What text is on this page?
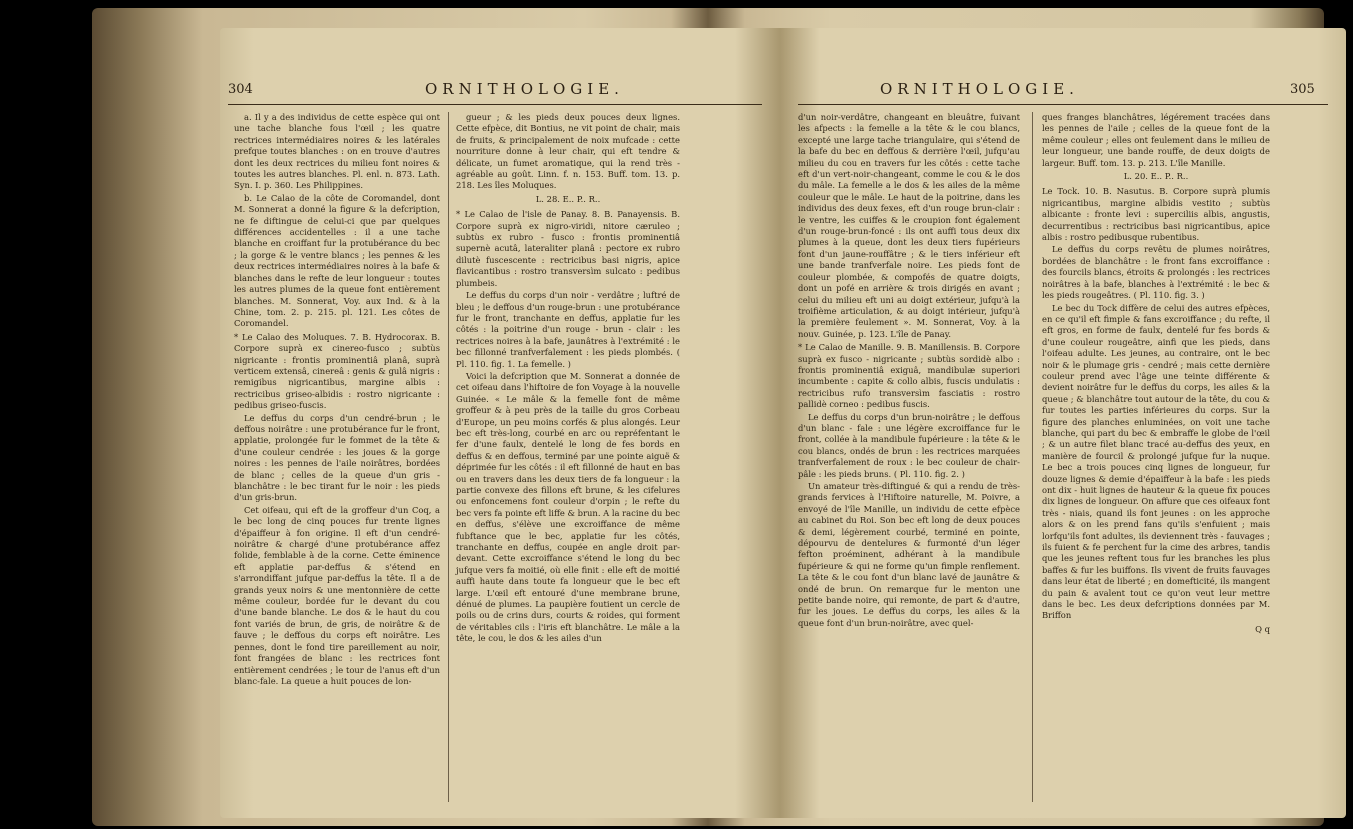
304	ORNITHOLOGIE.

a. Il y a des individus de cette espèce qui ont une tache blanche fous l'œil ; les quatre rectrices intermédiaires noires & les latérales prefque toutes blanches : on en trouve d'autres dont les deux rectrices du milieu font noires & toutes les autres blanches. Pl. enl. n. 873. Lath. Syn. I. p. 360. Les Philippines.

b. Le Calao de la côte de Coromandel, dont M. Sonnerat a donné la figure & la defcription, ne fe diftingue de celui-ci que par quelques différences accidentelles : il a une tache blanche en croiffant fur la protubérance du bec ; la gorge & le ventre blancs ; les pennes & les deux rectrices intermédiaires noires à la bafe & blanches dans le refte de leur longueur : toutes les autres plumes de la queue font entièrement blanches. M. Sonnerat, Voy. aux Ind. & à la Chine, tom. 2. p. 215. pl. 121. Les côtes de Coromandel.

* Le Calao des Moluques. 7. B. Hydrocorax. B. Corpore suprà ex cinereo-fusco ; subtùs nigricante : frontis prominentiâ planâ, suprà verticem extensâ, cinereâ : genis & gulâ nigris : remigibus nigricantibus, margine albis : rectricibus griseo-albidis : rostro nigricante : pedibus griseo-fuscis.

Le deffus du corps d'un cendré-brun ; le deffous noirâtre : une protubérance fur le front, applatie, prolongée fur le fommet de la tête & d'une couleur cendrée : les joues & la gorge noires : les pennes de l'aile noirâtres, bordées de blanc ; celles de la queue d'un gris - blanchâtre : le bec tirant fur le noir : les pieds d'un gris-brun.

Cet oifeau, qui eft de la groffeur d'un Coq, a le bec long de cinq pouces fur trente lignes d'épaiffeur à fon origine. Il eft d'un cendré-noirâtre & chargé d'une protubérance affez folide, femblable à de la corne. Cette éminence eft applatie par-deffus & s'étend en s'arrondiffant jufque par-deffus la tête. Il a de grands yeux noirs & une mentonnière de cette même couleur, bordée fur le devant du cou d'une bande blanche. Le dos & le haut du cou font variés de brun, de gris, de noirâtre & de fauve ; le deffous du corps eft noirâtre. Les pennes, dont le fond tire pareillement au noir, font frangées de blanc : les rectrices font entièrement cendrées ; le tour de l'anus eft d'un blanc-fale. La queue a huit pouces de lon-

gueur ; & les pieds deux pouces deux lignes. Cette efpèce, dit Bontius, ne vit point de chair, mais de fruits, & principalement de noix mufcade : cette nourriture donne à leur chair, qui eft tendre & délicate, un fumet aromatique, qui la rend très - agréable au goût. Linn. f. n. 153. Buff. tom. 13. p. 218. Les îles Moluques.

L. 28. E.. P.. R..

* Le Calao de l'isle de Panay. 8. B. Panayensis. B. Corpore suprà ex nigro-viridi, nitore cæruleo ; subtùs ex rubro - fusco : frontis prominentiâ supernè acutâ, lateraliter planâ : pectore ex rubro dilutè fuscescente : rectricibus basi nigris, apice flavicantibus : rostro transversìm sulcato : pedibus plumbeis.

Le deffus du corps d'un noir - verdâtre ; luftré de bleu ; le deffous d'un rouge-brun : une protubérance fur le front, tranchante en deffus, applatie fur les côtés : la poitrine d'un rouge - brun - clair : les rectrices noires à la bafe, jaunâtres à l'extrémité : le bec fillonné tranfverfalement : les pieds plombés. ( Pl. 110. fig. 1. La femelle. )

Voici la defcription que M. Sonnerat a donnée de cet oifeau dans l'hiftoire de fon Voyage à la nouvelle Guinée. « Le mâle & la femelle font de même groffeur & à peu près de la taille du gros Corbeau d'Europe, un peu moins corfés & plus alongés. Leur bec eft très-long, courbé en arc ou repréfentant le fer d'une faulx, dentelé le long de fes bords en deffus & en deffous, terminé par une pointe aiguë & déprimée fur les côtés : il eft fillonné de haut en bas ou en travers dans les deux tiers de fa longueur : la partie convexe des fillons eft brune, & les cifelures ou enfoncemens font couleur d'orpin ; le refte du bec vers fa pointe eft liffe & brun. A la racine du bec en deffus, s'élève une excroiffance de même fubftance que le bec, applatie fur les côtés, tranchante en deffus, coupée en angle droit par-devant. Cette excroiffance s'étend le long du bec jufque vers fa moitié, où elle finit : elle eft de moitié auffi haute dans toute fa longueur que le bec eft large. L'œil eft entouré d'une membrane brune, dénué de plumes. La paupière foutient un cercle de poils ou de crins durs, courts & roides, qui forment de véritables cils : l'iris eft blanchâtre. Le mâle a la tête, le cou, le dos & les ailes d'un

ORNITHOLOGIE.	305

d'un noir-verdâtre, changeant en bleuâtre, fuivant les afpects : la femelle a la tête & le cou blancs, excepté une large tache triangulaire, qui s'étend de la bafe du bec en deffous & derrière l'œil, jufqu'au milieu du cou en travers fur les côtés : cette tache eft d'un vert-noir-changeant, comme le cou & le dos du mâle. La femelle a le dos & les ailes de la même couleur que le mâle. Le haut de la poitrine, dans les individus des deux fexes, eft d'un rouge brun-clair : le ventre, les cuiffes & le croupion font également d'un rouge-brun-foncé : ils ont auffi tous deux dix plumes à la queue, dont les deux tiers fupérieurs font d'un jaune-rouffâtre ; & le tiers inférieur eft une bande tranfverfale noire. Les pieds font de couleur plombée, & compofés de quatre doigts, dont un pofé en arrière & trois dirigés en avant ; celui du milieu eft uni au doigt extérieur, jufqu'à la troifième articulation, & au doigt intérieur, jufqu'à la première feulement ». M. Sonnerat, Voy. à la nouv. Guinée, p. 123. L'île de Panay.

* Le Calao de Manille. 9. B. Manillensis. B. Corpore suprà ex fusco - nigricante ; subtùs sordidè albo : frontis prominentiâ exiguâ, mandibulæ superiori incumbente : capite & collo albis, fuscis undulatis : rectricibus rufo transversìm fasciatis : rostro pallidè corneo : pedibus fuscis.

Le deffus du corps d'un brun-noirâtre ; le deffous d'un blanc - fale : une légère excroiffance fur le front, collée à la mandibule fupérieure : la tête & le cou blancs, ondés de brun : les rectrices marquées tranfverfalement de roux : le bec couleur de chair-pâle : les pieds bruns. ( Pl. 110. fig. 2. )

Un amateur très-diftingué & qui a rendu de très-grands fervices à l'Hiftoire naturelle, M. Poivre, a envoyé de l'île Manille, un individu de cette efpèce au cabinet du Roi. Son bec eft long de deux pouces & demi, légèrement courbé, terminé en pointe, dépourvu de dentelures & furmonté d'un léger fefton proéminent, adhérant à la mandibule fupérieure & qui ne forme qu'un fimple renflement. La tête & le cou font d'un blanc lavé de jaunâtre & ondé de brun. On remarque fur le menton une petite bande noire, qui remonte, de part & d'autre, fur les joues. Le deffus du corps, les ailes & la queue font d'un brun-noirâtre, avec quel-

ques franges blanchâtres, légérement tracées dans les pennes de l'aile ; celles de la queue font de la même couleur ; elles ont feulement dans le milieu de leur longueur, une bande rouffe, de deux doigts de largeur. Buff. tom. 13. p. 213. L'île Manille.

L. 20. E.. P.. R..

Le Tock. 10. B. Nasutus. B. Corpore suprà plumis nigricantibus, margine albidis vestito ; subtùs albicante : fronte levi : superciliis albis, angustis, decurrentibus : rectricibus basi nigricantibus, apice albis : rostro pedibusque rubentibus.

Le deffus du corps revêtu de plumes noirâtres, bordées de blanchâtre : le front fans excroiffance : des fourcils blancs, étroits & prolongés : les rectrices noirâtres à la bafe, blanches à l'extrémité : le bec & les pieds rougeâtres. ( Pl. 110. fig. 3. )

Le bec du Tock diffère de celui des autres efpèces, en ce qu'il eft fimple & fans excroiffance ; du refte, il eft gros, en forme de faulx, dentelé fur fes bords & d'une couleur rougeâtre, ainfi que les pieds, dans l'oifeau adulte. Les jeunes, au contraire, ont le bec noir & le plumage gris - cendré ; mais cette dernière couleur prend avec l'âge une teinte différente & devient noirâtre fur le deffus du corps, les ailes & la queue ; & blanchâtre tout autour de la tête, du cou & fur toutes les parties inférieures du corps. Sur la figure des planches enluminées, on voit une tache blanche, qui part du bec & embraffe le globe de l'œil ; & un autre filet blanc tracé au-deffus des yeux, en manière de fourcil & prolongé jufque fur la nuque. Le bec a trois pouces cinq lignes de longueur, fur douze lignes & demie d'épaiffeur à la bafe : les pieds ont dix - huit lignes de hauteur & la queue fix pouces dix lignes de longueur. On affure que ces oifeaux font très - niais, quand ils font jeunes : on les approche alors & on les prend fans qu'ils s'enfuient ; mais lorfqu'ils font adultes, ils deviennent très - fauvages ; ils fuient & fe perchent fur la cime des arbres, tandis que les jeunes reftent tous fur les branches les plus baffes & fur les buiffons. Ils vivent de fruits fauvages dans leur état de liberté ; en domefticité, ils mangent du pain & avalent tout ce qu'on veut leur mettre dans le bec. Les deux defcriptions données par M. Briffon

Q q
